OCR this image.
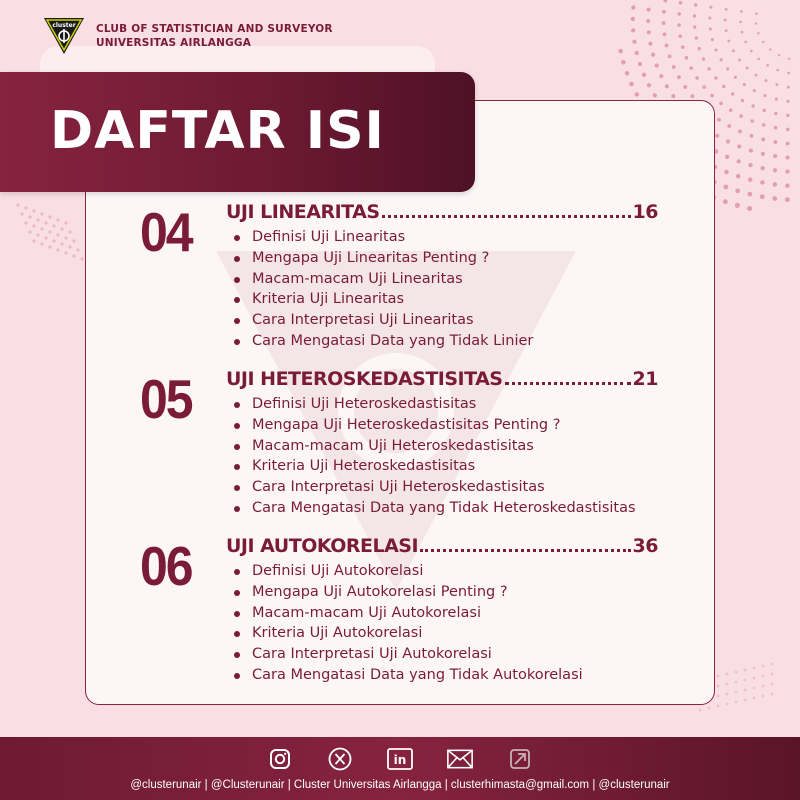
cluster CLUB OF STATISTICIAN AND SURVEYOR
UNIVERSITAS AIRLANGGA
DAFTAR ISI
04 UJI LINEARITAS	16
Definisi Uji Linearitas
Mengapa Uji Linearitas Penting ?
Macam-macam Uji Linearitas
Kriteria Uji Linearitas
Cara Interpretasi Uji Linearitas
Cara Mengatasi Data yang Tidak Linier
05 UJI HETEROSKEDASTISITAS	21
Definisi Uji Heteroskedastisitas
Mengapa Uji Heteroskedastisitas Penting ?
Macam-macam Uji Heteroskedastisitas
Kriteria Uji Heteroskedastisitas
Cara Interpretasi Uji Heteroskedastisitas
Cara Mengatasi Data yang Tidak Heteroskedastisitas
06 UJI AUTOKORELASI	36
Definisi Uji Autokorelasi
Mengapa Uji Autokorelasi Penting ?
Macam-macam Uji Autokorelasi
Kriteria Uji Autokorelasi
Cara Interpretasi Uji Autokorelasi
Cara Mengatasi Data yang Tidak Autokorelasi
in
@clusterunair | @Clusterunair | Cluster Universitas Airlangga | clusterhimasta@gmail.com | @clusterunair
